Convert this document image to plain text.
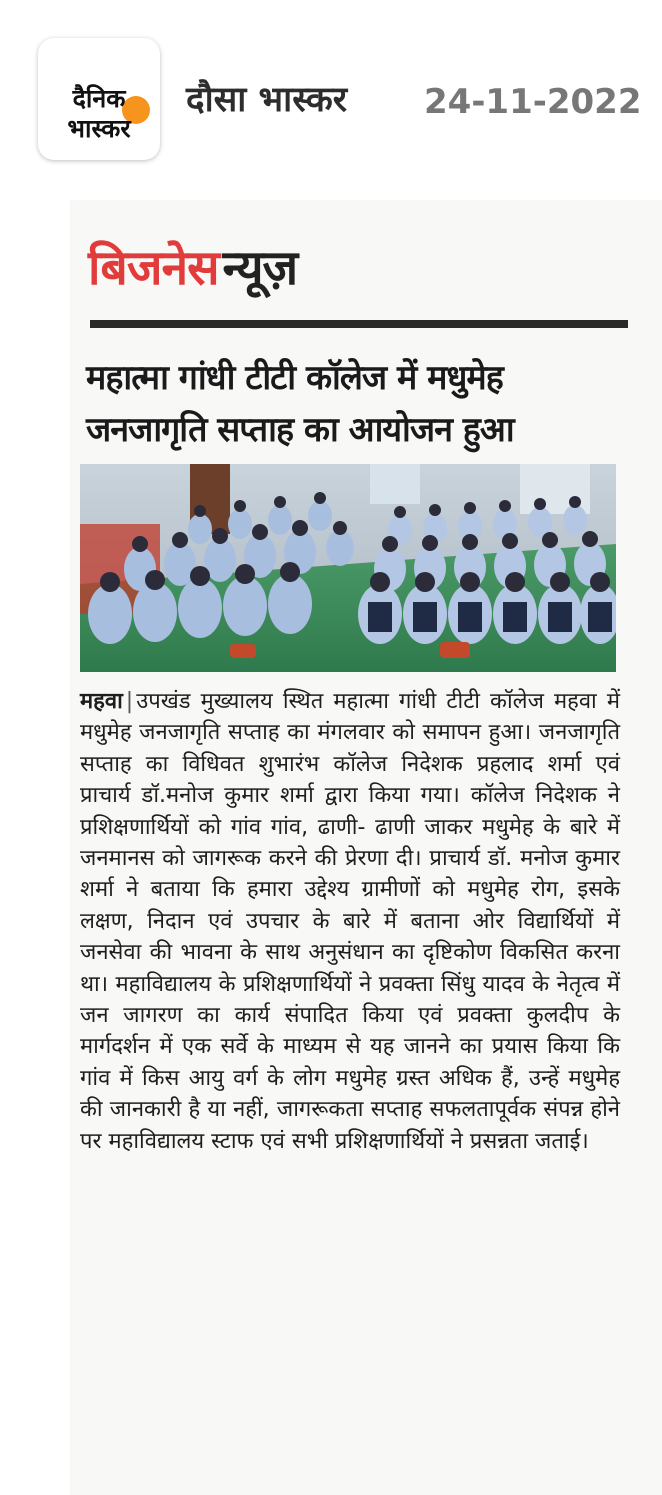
दैनिक
भास्कर
दौसा भास्कर 24-11-2022
बिजनेसन्यूज़
महात्मा गांधी टीटी कॉलेज में मधुमेह
जनजागृति सप्ताह का आयोजन हुआ
महवा | उपखंड मुख्यालय स्थित महात्मा गांधी टीटी कॉलेज महवा में मधुमेह जनजागृति सप्ताह का मंगलवार को समापन हुआ। जनजागृति सप्ताह का विधिवत शुभारंभ कॉलेज निदेशक प्रहलाद शर्मा एवं प्राचार्य डॉ.मनोज कुमार शर्मा द्वारा किया गया। कॉलेज निदेशक ने प्रशिक्षणार्थियों को गांव गांव, ढाणी- ढाणी जाकर मधुमेह के बारे में जनमानस को जागरूक करने की प्रेरणा दी। प्राचार्य डॉ. मनोज कुमार शर्मा ने बताया कि हमारा उद्देश्य ग्रामीणों को मधुमेह रोग, इसके लक्षण, निदान एवं उपचार के बारे में बताना ओर विद्यार्थियों में जनसेवा की भावना के साथ अनुसंधान का दृष्टिकोण विकसित करना था। महाविद्यालय के प्रशिक्षणार्थियों ने प्रवक्ता सिंधु यादव के नेतृत्व में जन जागरण का कार्य संपादित किया एवं प्रवक्ता कुलदीप के मार्गदर्शन में एक सर्वे के माध्यम से यह जानने का प्रयास किया कि गांव में किस आयु वर्ग के लोग मधुमेह ग्रस्त अधिक हैं, उन्हें मधुमेह की जानकारी है या नहीं, जागरूकता सप्ताह सफलतापूर्वक संपन्न होने पर महाविद्यालय स्टाफ एवं सभी प्रशिक्षणार्थियों ने प्रसन्नता जताई।
